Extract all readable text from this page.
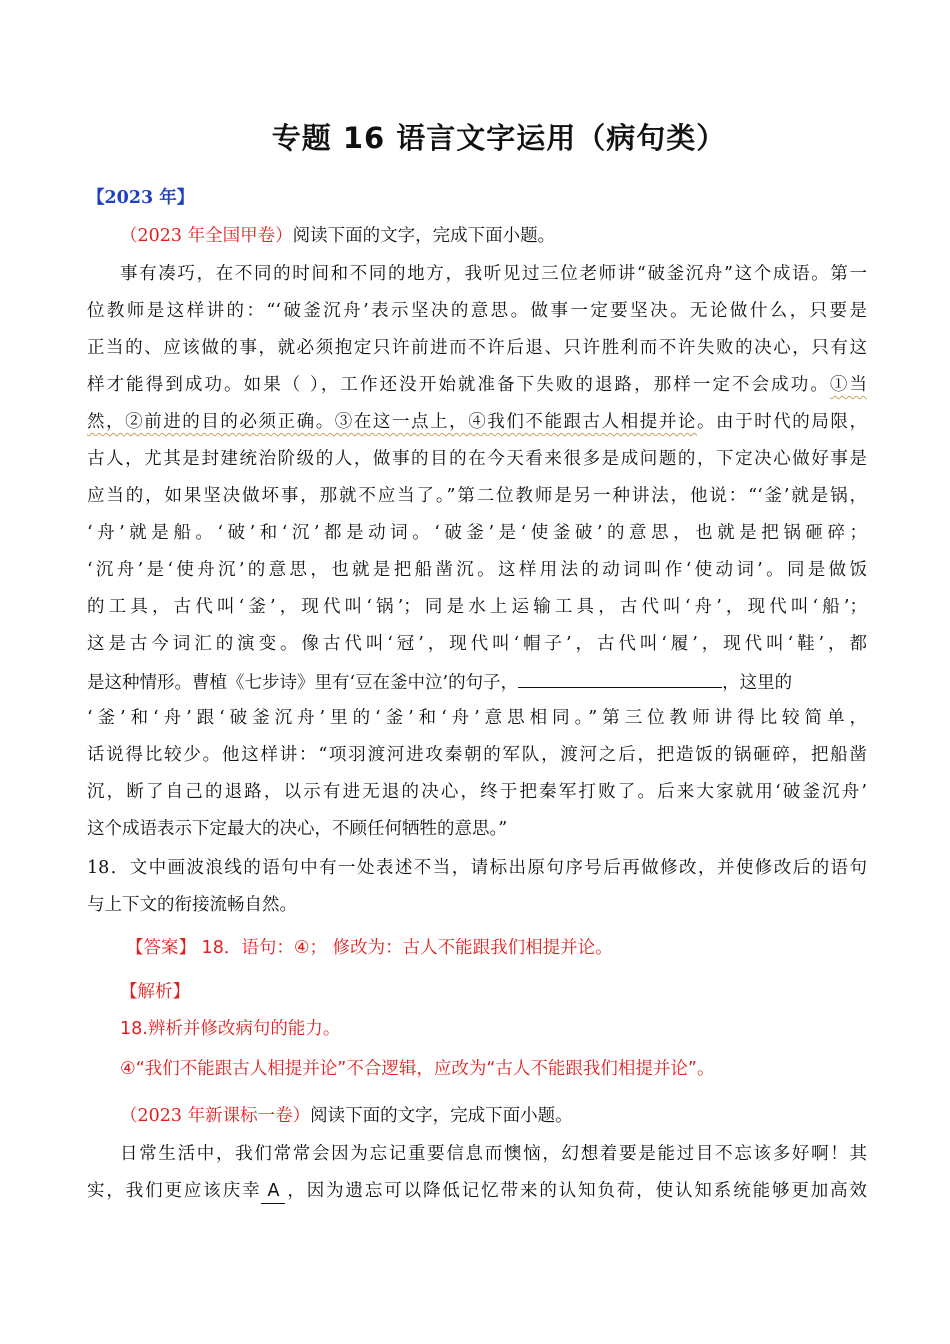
专题 16 语言文字运用（病句类）
【2023 年】
（2023 年全国甲卷）阅读下面的文字，完成下面小题。
事有凑巧，在不同的时间和不同的地方，我听见过三位老师讲“破釜沉舟”这个成语。第一
位教师是这样讲的：“‘破釜沉舟’表示坚决的意思。做事一定要坚决。无论做什么，只要是
正当的、应该做的事，就必须抱定只许前进而不许后退、只许胜利而不许失败的决心，只有这
样才能得到成功。如果（ ），工作还没开始就准备下失败的退路，那样一定不会成功。①当
然，②前进的目的必须正确。③在这一点上，④我们不能跟古人相提并论。由于时代的局限，
古人，尤其是封建统治阶级的人，做事的目的在今天看来很多是成问题的，下定决心做好事是
应当的，如果坚决做坏事，那就不应当了。”第二位教师是另一种讲法，他说：“‘釜’就是锅，
‘舟’就是船。‘破’和‘沉’都是动词。‘破釜’是‘使釜破’的意思，也就是把锅砸碎；
‘沉舟’是‘使舟沉’的意思，也就是把船凿沉。这样用法的动词叫作‘使动词’。同是做饭
的工具，古代叫‘釜’，现代叫‘锅’；同是水上运输工具，古代叫‘舟’，现代叫‘船’；
这是古今词汇的演变。像古代叫‘冠’，现代叫‘帽子’，古代叫‘履’，现代叫‘鞋’，都
是这种情形。曹植《七步诗》里有‘豆在釜中泣’的句子，	，这里的
‘釜’和‘舟’跟‘破釜沉舟’里的‘釜’和‘舟’意思相同。”第三位教师讲得比较简单，
话说得比较少。他这样讲：“项羽渡河进攻秦朝的军队，渡河之后，把造饭的锅砸碎，把船凿
沉，断了自己的退路，以示有进无退的决心，终于把秦军打败了。后来大家就用‘破釜沉舟’
这个成语表示下定最大的决心，不顾任何牺牲的意思。”
18．文中画波浪线的语句中有一处表述不当，请标出原句序号后再做修改，并使修改后的语句
与上下文的衔接流畅自然。
【答案】 18．语句：④； 修改为：古人不能跟我们相提并论。
【解析】
18.辨析并修改病句的能力。
④“我们不能跟古人相提并论”不合逻辑，应改为“古人不能跟我们相提并论”。
（2023 年新课标一卷）阅读下面的文字，完成下面小题。
日常生活中，我们常常会因为忘记重要信息而懊恼，幻想着要是能过目不忘该多好啊！其
实，我们更应该庆幸 A ，因为遗忘可以降低记忆带来的认知负荷，使认知系统能够更加高效
